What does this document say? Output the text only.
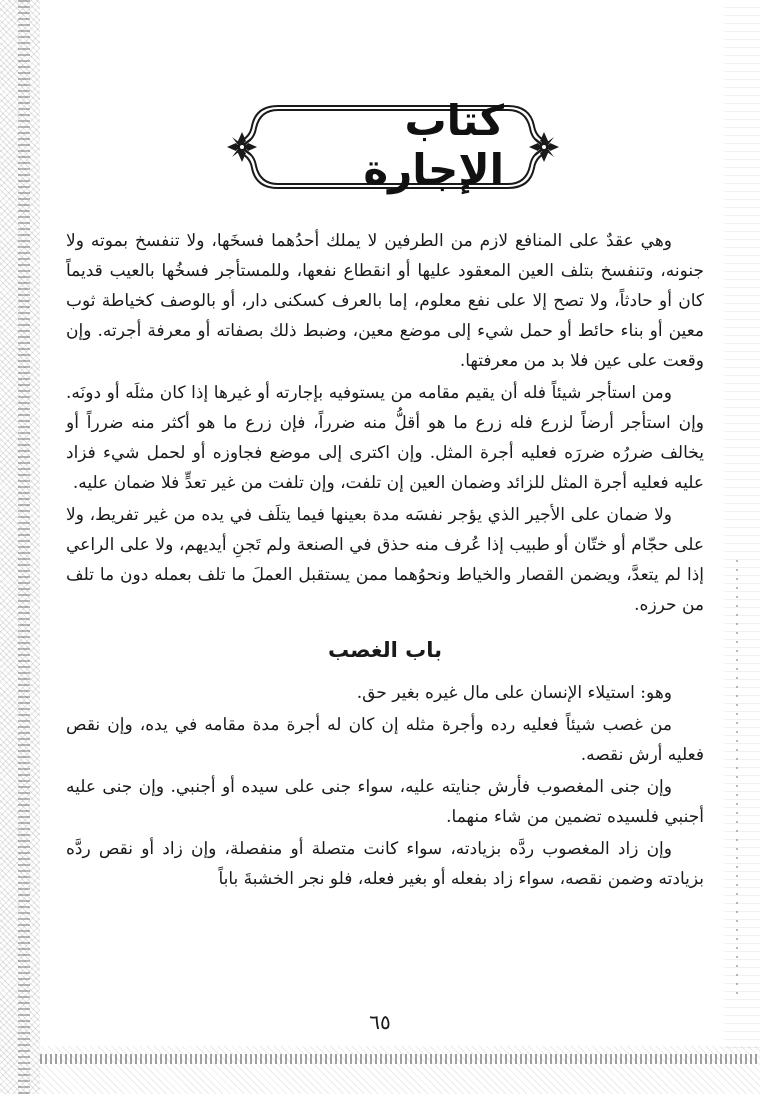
كتاب الإجارة

وهي عقدٌ على المنافع لازم من الطرفين لا يملك أحدُهما فسخَها، ولا تنفسخ بموته ولا جنونه، وتنفسخ بتلف العين المعقود عليها أو انقطاع نفعها، وللمستأجر فسخُها بالعيب قديماً كان أو حادثاً، ولا تصح إلا على نفع معلوم، إما بالعرف كسكنى دار، أو بالوصف كخياطة ثوب معين أو بناء حائط أو حمل شيء إلى موضع معين، وضبط ذلك بصفاته أو معرفة أجرته. وإن وقعت على عين فلا بد من معرفتها.

ومن استأجر شيئاً فله أن يقيم مقامه من يستوفيه بإجارته أو غيرها إذا كان مثلَه أو دونَه. وإن استأجر أرضاً لزرع فله زرع ما هو أقلُّ منه ضرراً، فإن زرع ما هو أكثر منه ضرراً أو يخالف ضررُه ضررَه فعليه أجرة المثل. وإن اكترى إلى موضع فجاوزه أو لحمل شيء فزاد عليه فعليه أجرة المثل للزائد وضمان العين إن تلفت، وإن تلفت من غير تعدٍّ فلا ضمان عليه.

ولا ضمان على الأجير الذي يؤجر نفسَه مدة بعينها فيما يتلَف في يده من غير تفريط، ولا على حجّام أو ختّان أو طبيب إذا عُرف منه حذق في الصنعة ولم تَجنِ أيديهم، ولا على الراعي إذا لم يتعدَّ، ويضمن القصار والخياط ونحوُهما ممن يستقبل العملَ ما تلف بعمله دون ما تلف من حرزه.

باب الغصب

وهو: استيلاء الإنسان على مال غيره بغير حق.

من غصب شيئاً فعليه رده وأجرة مثله إن كان له أجرة مدة مقامه في يده، وإن نقص فعليه أرش نقصه.

وإن جنى المغصوب فأرش جنايته عليه، سواء جنى على سيده أو أجنبي. وإن جنى عليه أجنبي فلسيده تضمين من شاء منهما.

وإن زاد المغصوب ردَّه بزيادته، سواء كانت متصلة أو منفصلة، وإن زاد أو نقص ردَّه بزيادته وضمن نقصه، سواء زاد بفعله أو بغير فعله، فلو نجر الخشبةَ باباً

٦٥
